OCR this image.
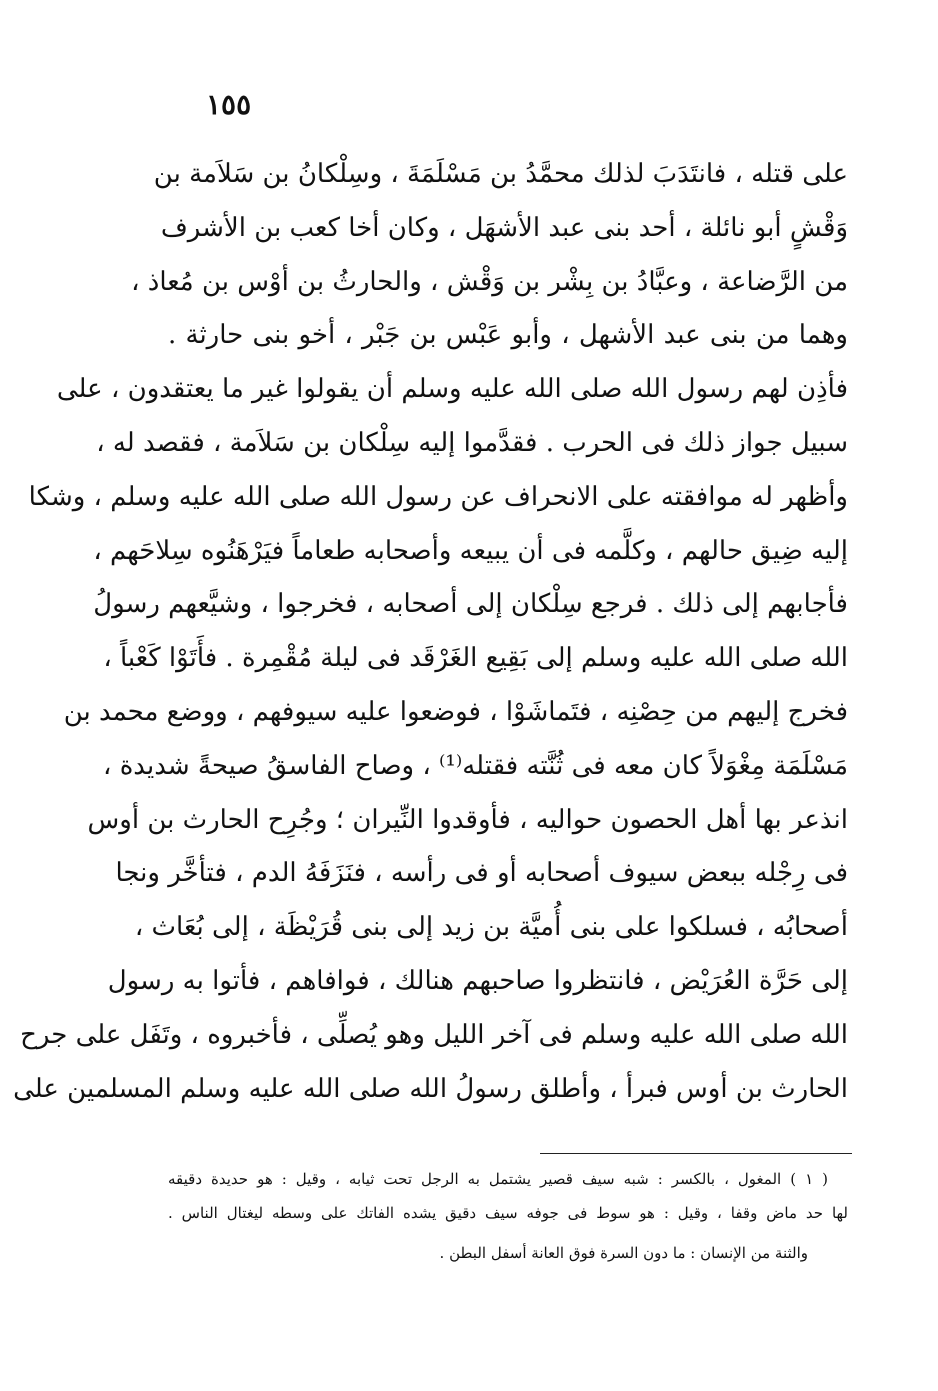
١٥٥
على قتله ، فانتَدَبَ لذلك محمَّدُ بن مَسْلَمَةَ ، وسِلْكانُ بن سَلاَمة بن
وَقْشٍ أبو نائلة ، أحد بنى عبد الأشهَل ، وكان أخا كعب بن الأشرف
من الرَّضاعة ، وعبَّادُ بن بِشْر بن وَقْش ، والحارثُ بن أوْس بن مُعاذ ،
وهما من بنى عبد الأشهل ، وأبو عَبْس بن جَبْر ، أخو بنى حارثة .
فأذِن لهم رسول الله صلى الله عليه وسلم أن يقولوا غير ما يعتقدون ، على
سبيل جواز ذلك فى الحرب . فقدَّموا إليه سِلْكان بن سَلاَمة ، فقصد له ،
وأظهر له موافقته على الانحراف عن رسول الله صلى الله عليه وسلم ، وشكا
إليه ضِيق حالهم ، وكلَّمه فى أن يبيعه وأصحابه طعاماً فيَرْهَنُوه سِلاحَهم ،
فأجابهم إلى ذلك . فرجع سِلْكان إلى أصحابه ، فخرجوا ، وشيَّعهم رسولُ
الله صلى الله عليه وسلم إلى بَقِيع الغَرْقَد فى ليلة مُقْمِرة . فأَتَوْا كَعْباً ،
فخرج إليهم من حِصْنِه ، فتَماشَوْا ، فوضعوا عليه سيوفهم ، ووضع محمد بن
مَسْلَمَة مِغْوَلاً كان معه فى ثُنَّته فقتله⁽¹⁾ ، وصاح الفاسقُ صيحةً شديدة ،
انذعر بها أهل الحصون حواليه ، فأوقدوا النِّيران ؛ وجُرِح الحارث بن أوس
فى رِجْله ببعض سيوف أصحابه أو فى رأسه ، فنَزَفَهُ الدم ، فتأخَّر ونجا
أصحابُه ، فسلكوا على بنى أُميَّة بن زيد إلى بنى قُرَيْظَة ، إلى بُعَاث ،
إلى حَرَّة العُرَيْض ، فانتظروا صاحبهم هنالك ، فوافاهم ، فأتوا به رسول
الله صلى الله عليه وسلم فى آخر الليل وهو يُصلِّى ، فأخبروه ، وتَفَل على جرح
الحارث بن أوس فبرأ ، وأطلق رسولُ الله صلى الله عليه وسلم المسلمين على
( ١ ) المغول ، بالكسر : شبه سيف قصير يشتمل به الرجل تحت ثيابه ، وقيل : هو حديدة دقيقه
لها حد ماض وقفا ، وقيل : هو سوط فى جوفه سيف دقيق يشده الفاتك على وسطه ليغتال الناس .
والثنة من الإنسان : ما دون السرة فوق العانة أسفل البطن .
